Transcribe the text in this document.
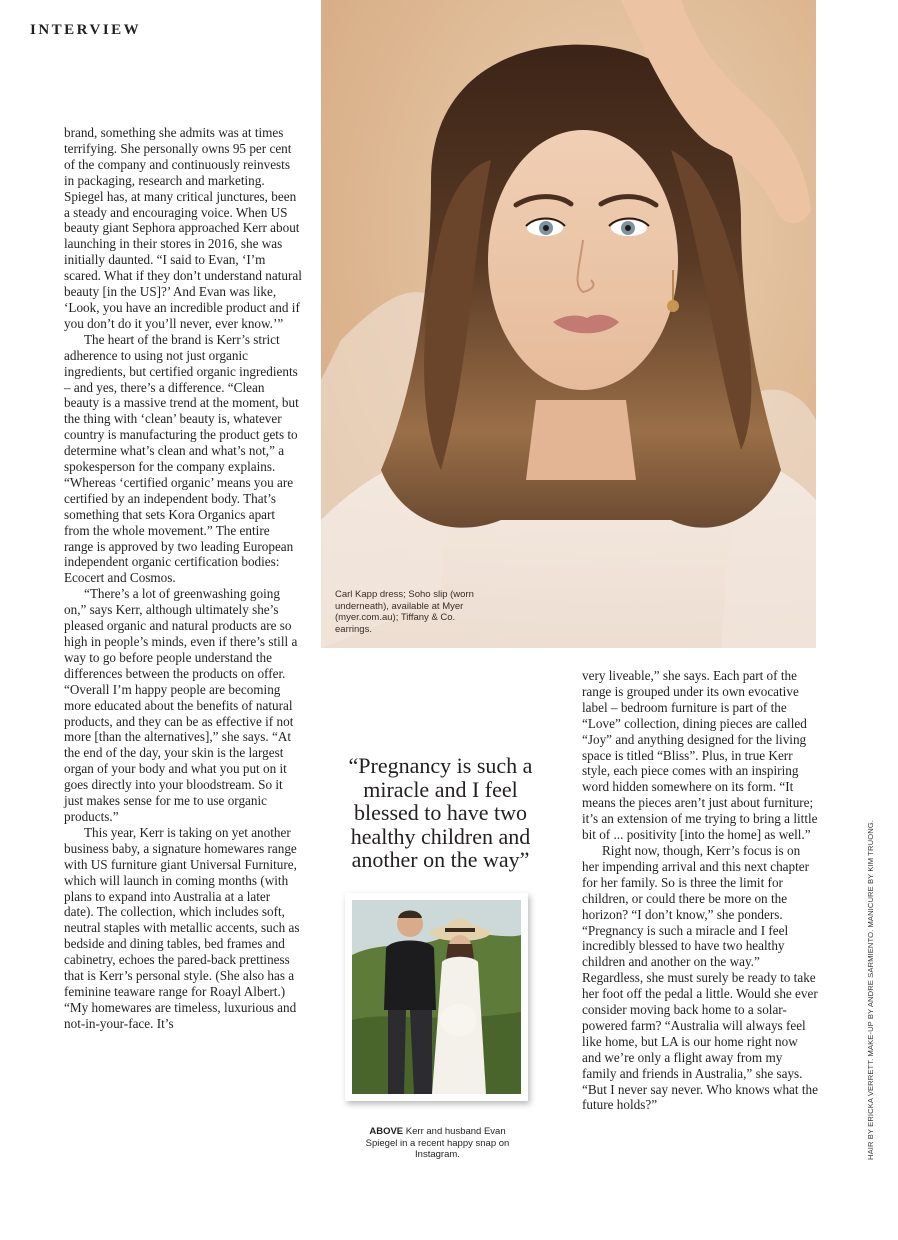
INTERVIEW

brand, something she admits was at times terrifying. She personally owns 95 per cent of the company and continuously reinvests in packaging, research and marketing. Spiegel has, at many critical junctures, been a steady and encouraging voice. When US beauty giant Sephora approached Kerr about launching in their stores in 2016, she was initially daunted. “I said to Evan, ‘I’m scared. What if they don’t understand natural beauty [in the US]?’ And Evan was like, ‘Look, you have an incredible product and if you don’t do it you’ll never, ever know.’”

The heart of the brand is Kerr’s strict adherence to using not just organic ingredients, but certified organic ingredients – and yes, there’s a difference. “Clean beauty is a massive trend at the moment, but the thing with ‘clean’ beauty is, whatever country is manufacturing the product gets to determine what’s clean and what’s not,” a spokesperson for the company explains. “Whereas ‘certified organic’ means you are certified by an independent body. That’s something that sets Kora Organics apart from the whole movement.” The entire range is approved by two leading European independent organic certification bodies: Ecocert and Cosmos.

“There’s a lot of greenwashing going on,” says Kerr, although ultimately she’s pleased organic and natural products are so high in people’s minds, even if there’s still a way to go before people understand the differences between the products on offer. “Overall I’m happy people are becoming more educated about the benefits of natural products, and they can be as effective if not more [than the alternatives],” she says. “At the end of the day, your skin is the largest organ of your body and what you put on it goes directly into your bloodstream. So it just makes sense for me to use organic products.”

This year, Kerr is taking on yet another business baby, a signature homewares range with US furniture giant Universal Furniture, which will launch in coming months (with plans to expand into Australia at a later date). The collection, which includes soft, neutral staples with metallic accents, such as bedside and dining tables, bed frames and cabinetry, echoes the pared-back prettiness that is Kerr’s personal style. (She also has a feminine teaware range for Roayl Albert.) “My homewares are timeless, luxurious and not-in-your-face. It’s

Carl Kapp dress; Soho slip (worn underneath), available at Myer (myer.com.au); Tiffany & Co. earrings.
“Pregnancy is such a miracle and I feel blessed to have two healthy children and another on the way”
ABOVE Kerr and husband Evan Spiegel in a recent happy snap on Instagram.

very liveable,” she says. Each part of the range is grouped under its own evocative label – bedroom furniture is part of the “Love” collection, dining pieces are called “Joy” and anything designed for the living space is titled “Bliss”. Plus, in true Kerr style, each piece comes with an inspiring word hidden somewhere on its form. “It means the pieces aren’t just about furniture; it’s an extension of me trying to bring a little bit of ... positivity [into the home] as well.”

Right now, though, Kerr’s focus is on her impending arrival and this next chapter for her family. So is three the limit for children, or could there be more on the horizon? “I don’t know,” she ponders. “Pregnancy is such a miracle and I feel incredibly blessed to have two healthy children and another on the way.” Regardless, she must surely be ready to take her foot off the pedal a little. Would she ever consider moving back home to a solar-powered farm? “Australia will always feel like home, but LA is our home right now and we’re only a flight away from my family and friends in Australia,” she says. “But I never say never. Who knows what the future holds?”	HAIR BY ERICKA VERRETT. MAKE-UP BY ANDRE SARMIENTO. MANICURE BY KIM TRUONG.
